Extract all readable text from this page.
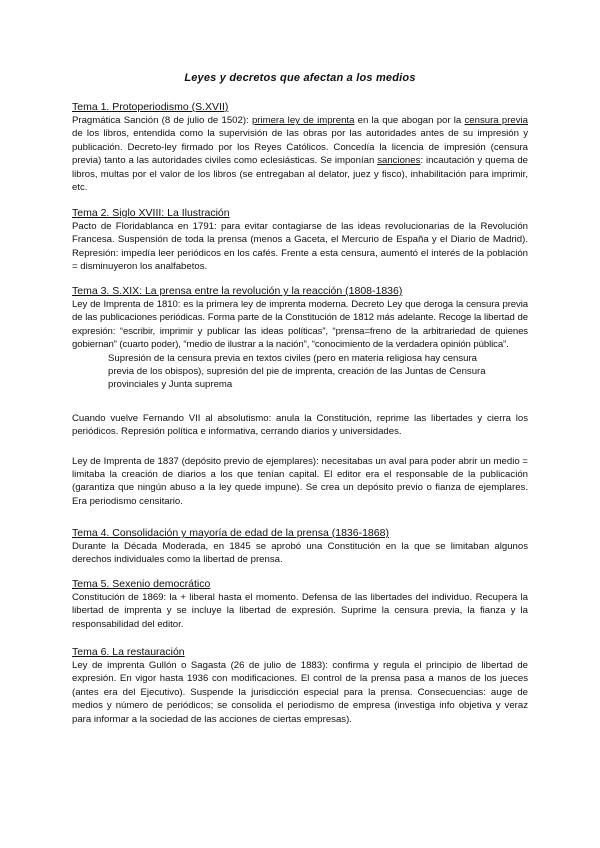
Leyes y decretos que afectan a los medios

Tema 1. Protoperiodismo (S.XVII)

Pragmática Sanción (8 de julio de 1502): primera ley de imprenta en la que abogan por la censura previa de los libros, entendida como la supervisión de las obras por las autoridades antes de su impresión y publicación. Decreto-ley firmado por los Reyes Católicos. Concedía la licencia de impresión (censura previa) tanto a las autoridades civiles como eclesiásticas. Se imponían sanciones: incautación y quema de libros, multas por el valor de los libros (se entregaban al delator, juez y fisco), inhabilitación para imprimir, etc.

Tema 2. Siglo XVIII: La Ilustración

Pacto de Floridablanca en 1791: para evitar contagiarse de las ideas revolucionarias de la Revolución Francesa. Suspensión de toda la prensa (menos a Gaceta, el Mercurio de España y el Diario de Madrid). Represión: impedía leer periódicos en los cafés. Frente a esta censura, aumentó el interés de la población = disminuyeron los analfabetos.

Tema 3. S.XIX: La prensa entre la revolución y la reacción (1808-1836)

Ley de Imprenta de 1810: es la primera ley de imprenta moderna. Decreto Ley que deroga la censura previa de las publicaciones periódicas. Forma parte de la Constitución de 1812 más adelante. Recoge la libertad de expresión: “escribir, imprimir y publicar las ideas políticas”, “prensa=freno de la arbitrariedad de quienes gobiernan” (cuarto poder), “medio de ilustrar a la nación”, “conocimiento de la verdadera opinión pública”.

Supresión de la censura previa en textos civiles (pero en materia religiosa hay censura previa de los obispos), supresión del pie de imprenta, creación de las Juntas de Censura provinciales y Junta suprema

Cuando vuelve Fernando VII al absolutismo: anula la Constitución, reprime las libertades y cierra los periódicos. Represión política e informativa, cerrando diarios y universidades.

Ley de Imprenta de 1837 (depósito previo de ejemplares): necesitabas un aval para poder abrir un medio = limitaba la creación de diarios a los que tenían capital. El editor era el responsable de la publicación (garantiza que ningún abuso a la ley quede impune). Se crea un depósito previo o fianza de ejemplares. Era periodismo censitario.

Tema 4. Consolidación y mayoría de edad de la prensa (1836-1868)

Durante la Década Moderada, en 1845 se aprobó una Constitución en la que se limitaban algunos derechos individuales como la libertad de prensa.

Tema 5. Sexenio democrático

Constitución de 1869: la + liberal hasta el momento. Defensa de las libertades del individuo. Recupera la libertad de imprenta y se incluye la libertad de expresión. Suprime la censura previa, la fianza y la responsabilidad del editor.

Tema 6. La restauración

Ley de imprenta Gullón o Sagasta (26 de julio de 1883): confirma y regula el principio de libertad de expresión. En vigor hasta 1936 con modificaciones. El control de la prensa pasa a manos de los jueces (antes era del Ejecutivo). Suspende la jurisdicción especial para la prensa. Consecuencias: auge de medios y número de periódicos; se consolida el periodismo de empresa (investiga info objetiva y veraz para informar a la sociedad de las acciones de ciertas empresas).
